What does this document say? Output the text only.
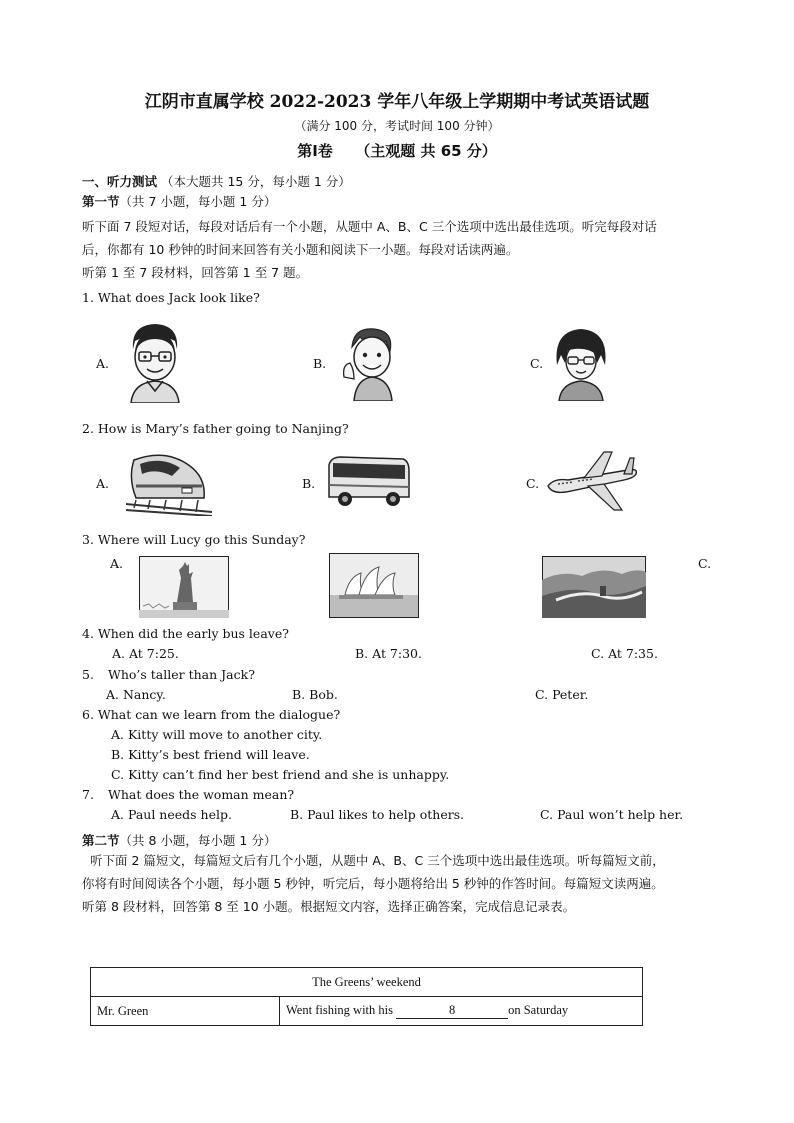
江阴市直属学校 2022-2023 学年八年级上学期期中考试英语试题
（满分 100 分，考试时间 100 分钟）
第Ⅰ卷　　（主观题 共 65 分）
一、听力测试 （本大题共 15 分，每小题 1 分）
第一节（共 7 小题，每小题 1 分）
听下面 7 段短对话，每段对话后有一个小题，从题中 A、B、C 三个选项中选出最佳选项。听完每段对话
后，你都有 10 秒钟的时间来回答有关小题和阅读下一小题。每段对话读两遍。
听第 1 至 7 段材料，回答第 1 至 7 题。
1. What does Jack look like?
A.	B.	C.
2. How is Mary’s father going to Nanjing?
A.	B.	C.
3. Where will Lucy go this Sunday?
A.	C.
4. When did the early bus leave?
A. At 7:25.	B. At 7:30.	C. At 7:35.
5. Who’s taller than Jack?
A. Nancy.	B. Bob.	C. Peter.
6. What can we learn from the dialogue?
A. Kitty will move to another city.
B. Kitty’s best friend will leave.
C. Kitty can’t find her best friend and she is unhappy.
7. What does the woman mean?
A. Paul needs help.	B. Paul likes to help others.	C. Paul won’t help her.
第二节（共 8 小题，每小题 1 分）
听下面 2 篇短文，每篇短文后有几个小题，从题中 A、B、C 三个选项中选出最佳选项。听每篇短文前，
你将有时间阅读各个小题，每小题 5 秒钟，听完后，每小题将给出 5 秒钟的作答时间。每篇短文读两遍。
听第 8 段材料，回答第 8 至 10 小题。根据短文内容，选择正确答案，完成信息记录表。
The Greens’ weekend
Mr. Green	Went fishing with his	8	on Saturday
